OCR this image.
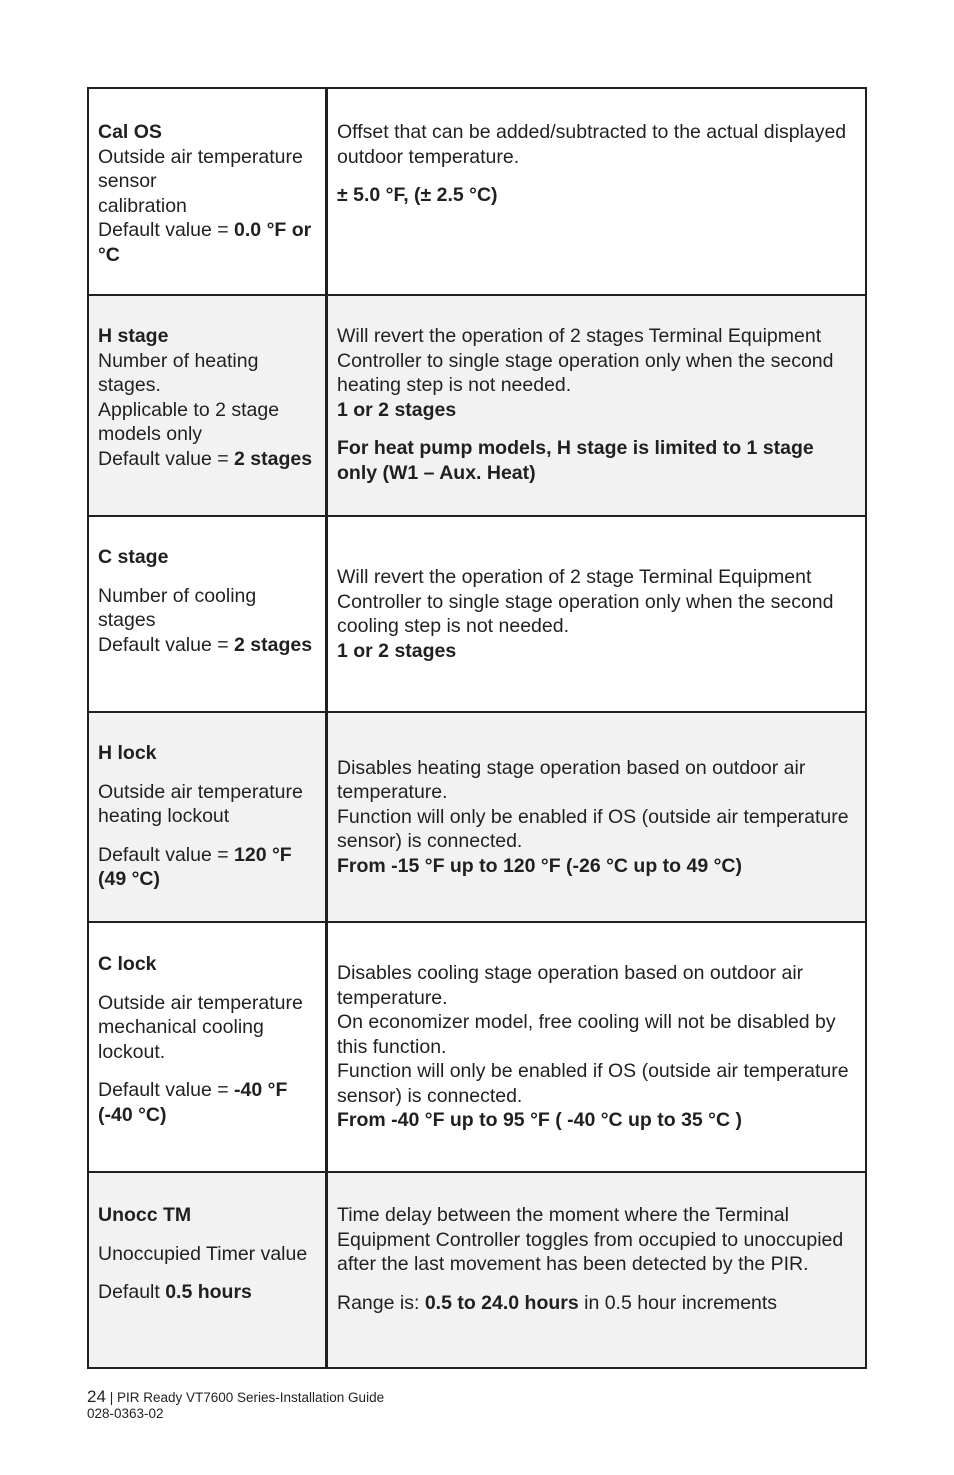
Cal OS

Outside air temperature sensor

calibration

Default value = 0.0 °F or °C

Offset that can be added/subtracted to the actual displayed outdoor temperature.

± 5.0 °F, (± 2.5 °C)

H stage

Number of heating stages.

Applicable to 2 stage models only

Default value = 2 stages

Will revert the operation of 2 stages Terminal Equipment Controller to single stage operation only when the second heating step is not needed.

1 or 2 stages

For heat pump models, H stage is limited to 1 stage only (W1 – Aux. Heat)

C stage

Number of cooling stages

Default value = 2 stages

Will revert the operation of 2 stage Terminal Equipment Controller to single stage operation only when the second cooling step is not needed.

1 or 2 stages

H lock

Outside air temperature heating lockout

Default value = 120 °F (49 °C)

Disables heating stage operation based on outdoor air temperature.

Function will only be enabled if OS (outside air temperature sensor) is connected.

From -15 °F up to 120 °F (-26 °C up to 49 °C)

C lock

Outside air temperature mechanical cooling lockout.

Default value = -40 °F (-40 °C)

Disables cooling stage operation based on outdoor air temperature.

On economizer model, free cooling will not be disabled by this function.

Function will only be enabled if OS (outside air temperature sensor) is connected.

From -40 °F up to 95 °F ( -40 °C up to 35 °C )

Unocc TM

Unoccupied Timer value

Default 0.5 hours

Time delay between the moment where the Terminal Equipment Controller toggles from occupied to unoccupied after the last movement has been detected by the PIR.

Range is: 0.5 to 24.0 hours in 0.5 hour increments

24 | PIR Ready VT7600 Series-Installation Guide
028-0363-02
